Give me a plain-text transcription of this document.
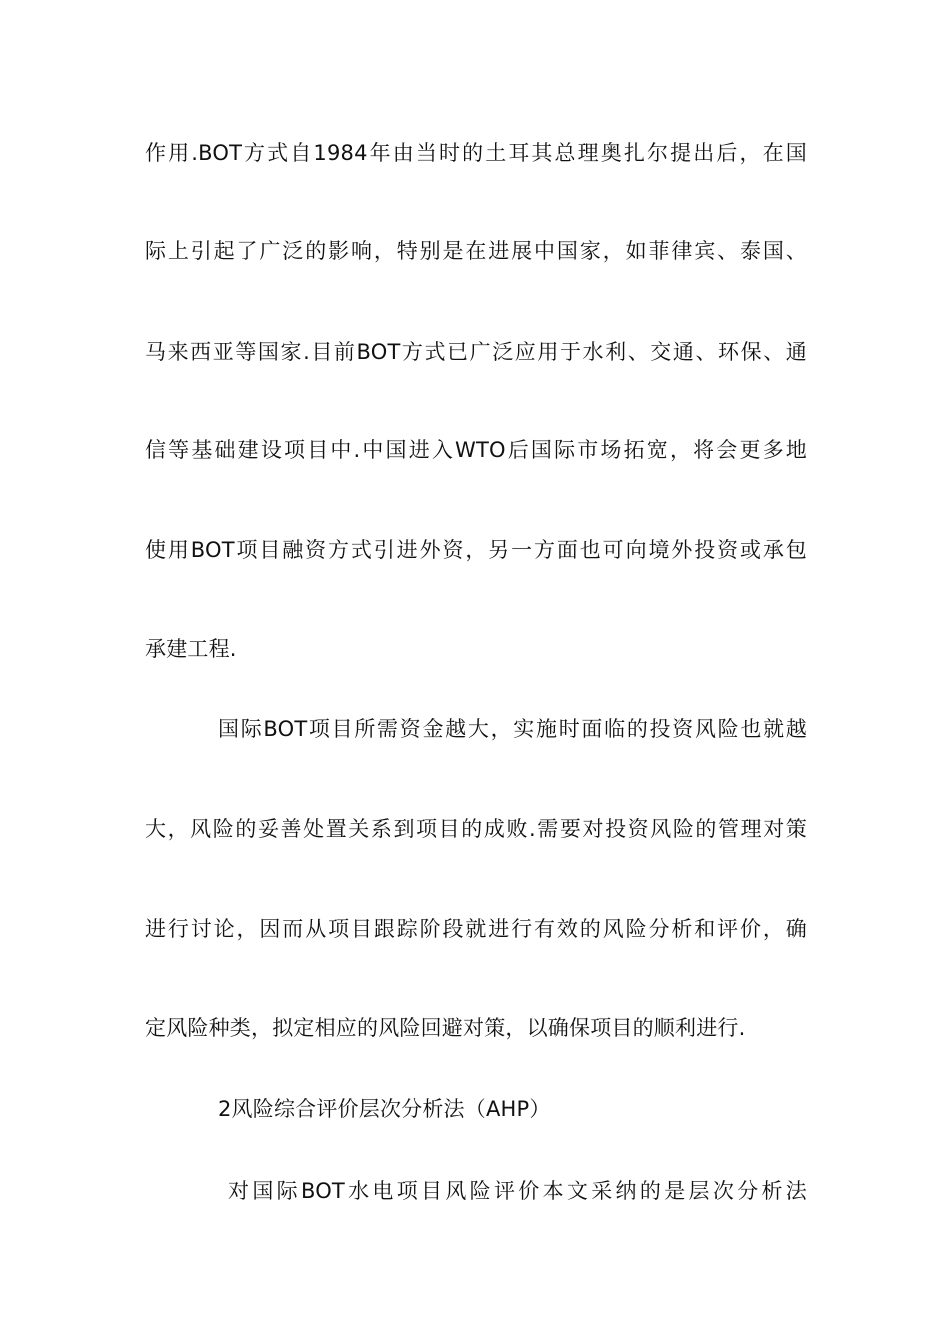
作用.BOT方式自1984年由当时的土耳其总理奥扎尔提出后，在国
际上引起了广泛的影响，特别是在进展中国家，如菲律宾、泰国、
马来西亚等国家.目前BOT方式已广泛应用于水利、交通、环保、通
信等基础建设项目中.中国进入WTO后国际市场拓宽，将会更多地
使用BOT项目融资方式引进外资，另一方面也可向境外投资或承包
承建工程.
国际BOT项目所需资金越大，实施时面临的投资风险也就越
大，风险的妥善处置关系到项目的成败.需要对投资风险的管理对策
进行讨论，因而从项目跟踪阶段就进行有效的风险分析和评价，确
定风险种类，拟定相应的风险回避对策，以确保项目的顺利进行.
2风险综合评价层次分析法（AHP）
对国际BOT水电项目风险评价本文采纳的是层次分析法
